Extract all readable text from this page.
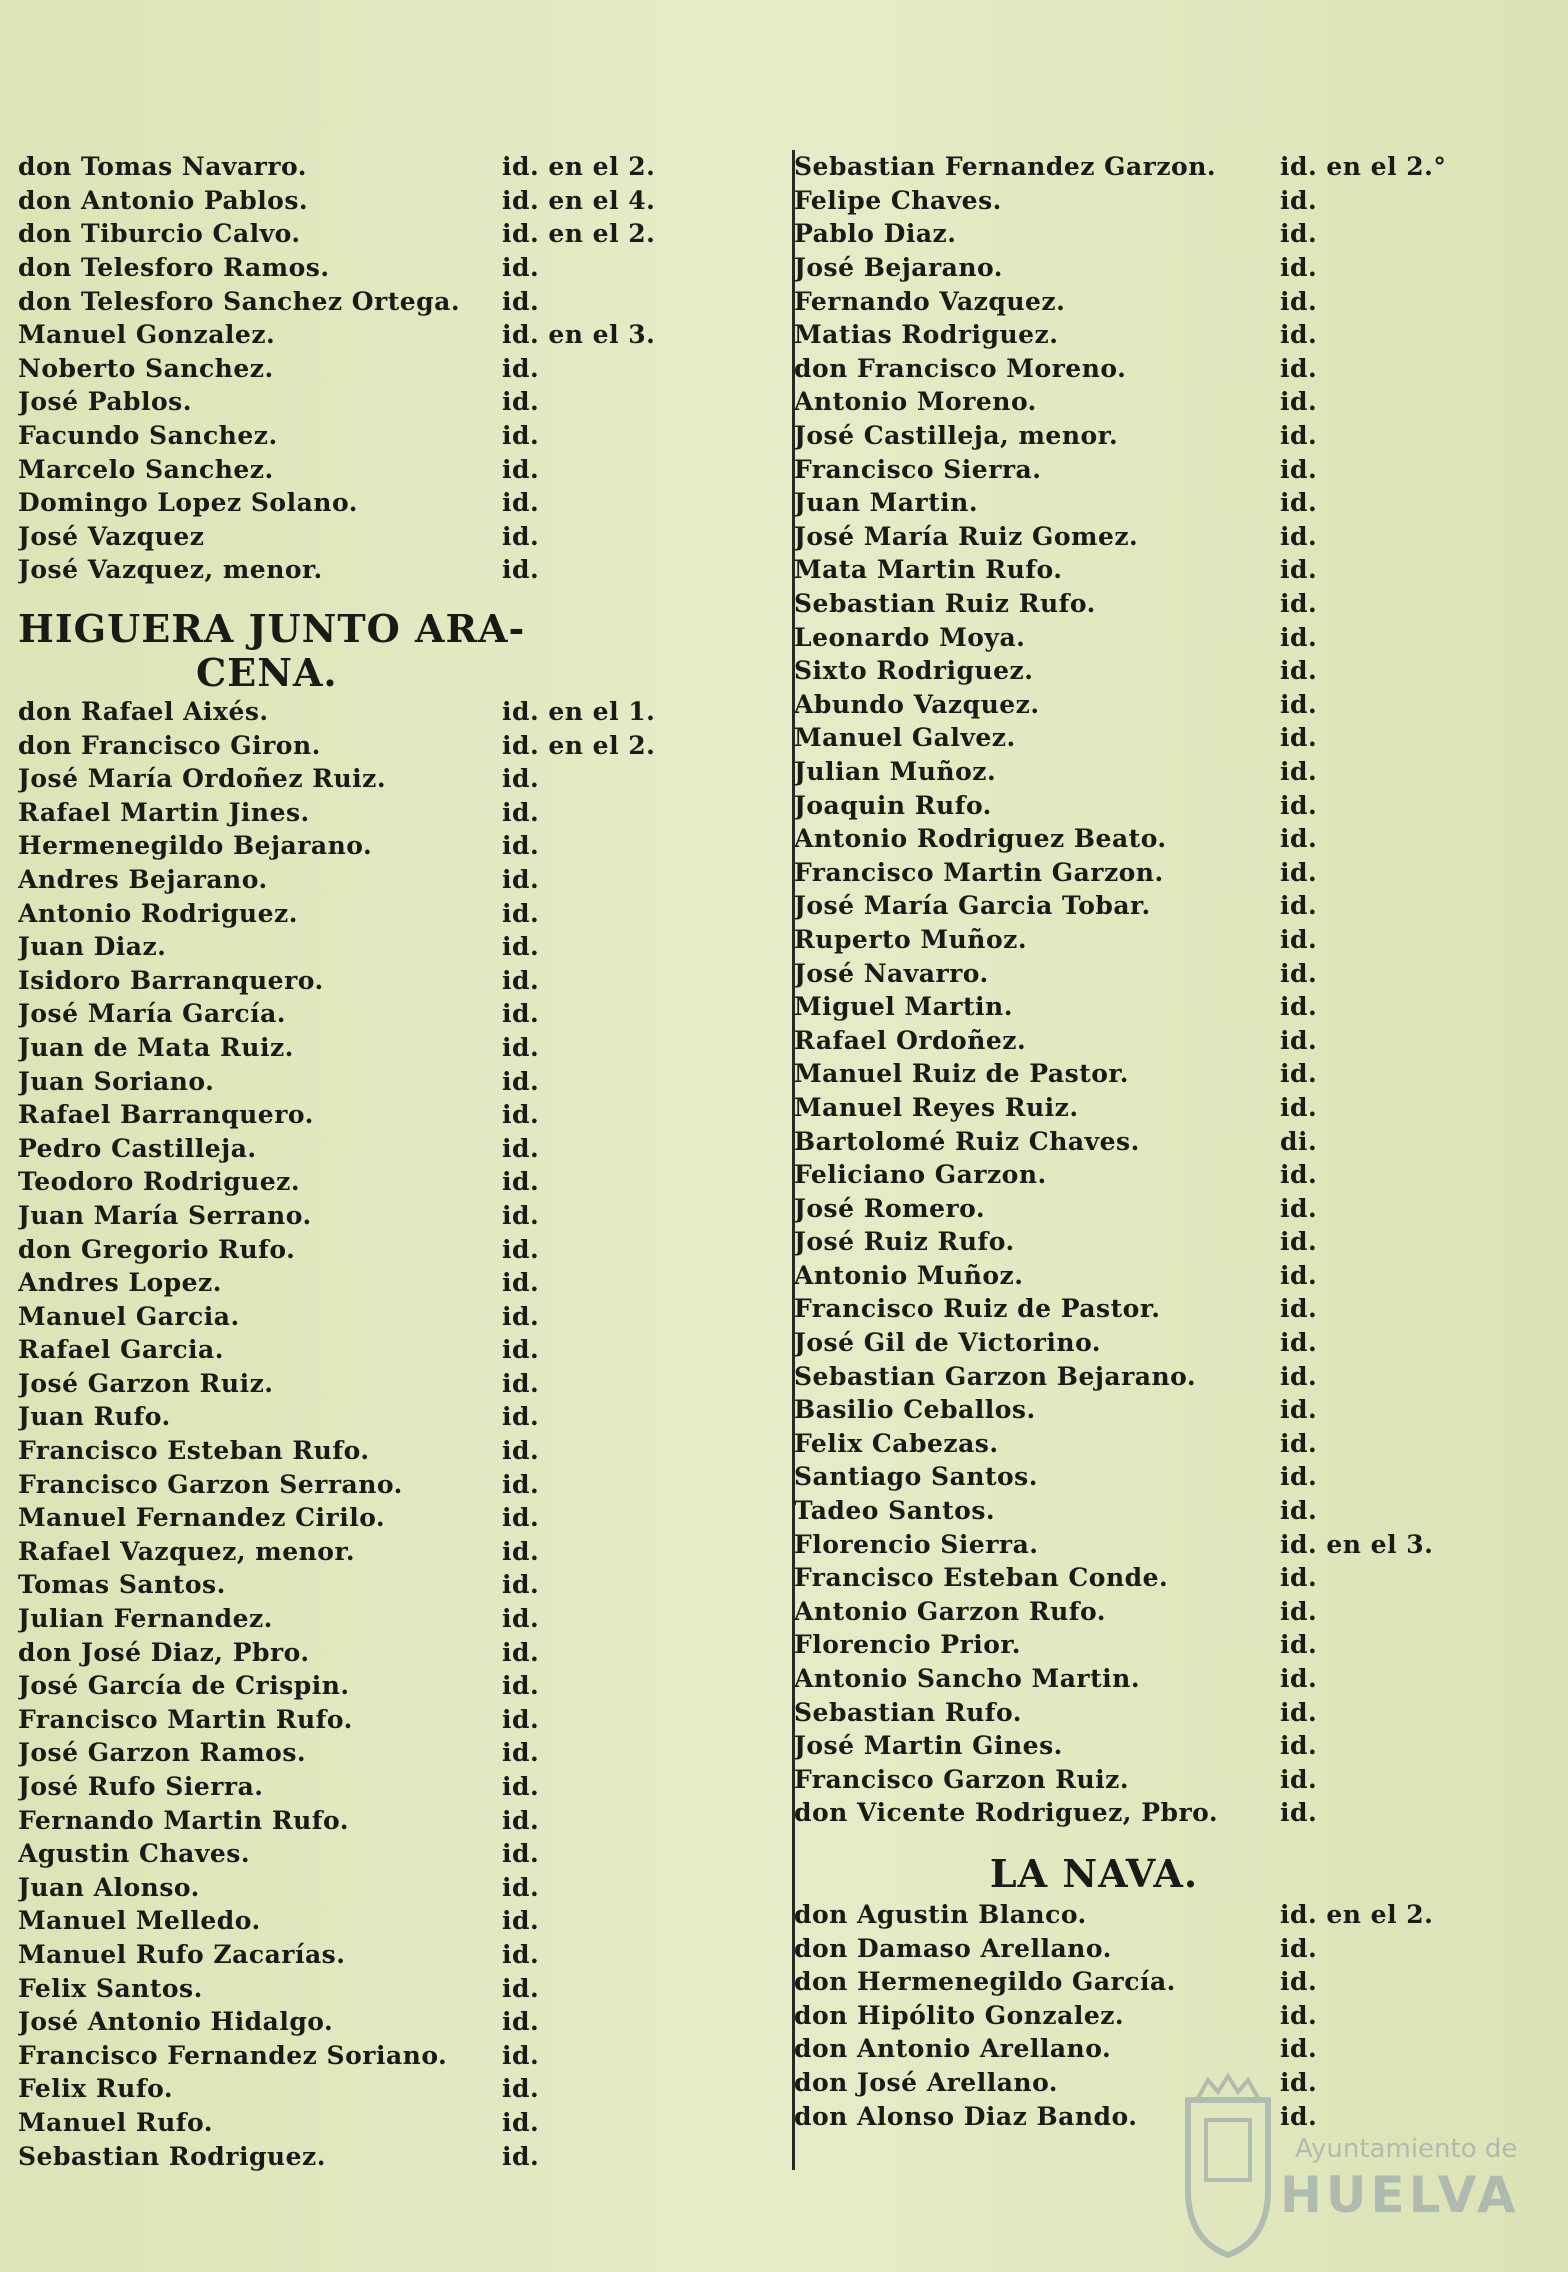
don Tomas Navarro.	id. en el 2.
don Antonio Pablos.	id. en el 4.
don Tiburcio Calvo.	id. en el 2.
don Telesforo Ramos.	id.
don Telesforo Sanchez Ortega.	id.
Manuel Gonzalez.	id. en el 3.
Noberto Sanchez.	id.
José Pablos.	id.
Facundo Sanchez.	id.
Marcelo Sanchez.	id.
Domingo Lopez Solano.	id.
José Vazquez	id.
José Vazquez, menor.	id.
HIGUERA JUNTO ARA-
CENA.
don Rafael Aixés.	id. en el 1.
don Francisco Giron.	id. en el 2.
José María Ordoñez Ruiz.	id.
Rafael Martin Jines.	id.
Hermenegildo Bejarano.	id.
Andres Bejarano.	id.
Antonio Rodriguez.	id.
Juan Diaz.	id.
Isidoro Barranquero.	id.
José María García.	id.
Juan de Mata Ruiz.	id.
Juan Soriano.	id.
Rafael Barranquero.	id.
Pedro Castilleja.	id.
Teodoro Rodriguez.	id.
Juan María Serrano.	id.
don Gregorio Rufo.	id.
Andres Lopez.	id.
Manuel Garcia.	id.
Rafael Garcia.	id.
José Garzon Ruiz.	id.
Juan Rufo.	id.
Francisco Esteban Rufo.	id.
Francisco Garzon Serrano.	id.
Manuel Fernandez Cirilo.	id.
Rafael Vazquez, menor.	id.
Tomas Santos.	id.
Julian Fernandez.	id.
don José Diaz, Pbro.	id.
José García de Crispin.	id.
Francisco Martin Rufo.	id.
José Garzon Ramos.	id.
José Rufo Sierra.	id.
Fernando Martin Rufo.	id.
Agustin Chaves.	id.
Juan Alonso.	id.
Manuel Melledo.	id.
Manuel Rufo Zacarías.	id.
Felix Santos.	id.
José Antonio Hidalgo.	id.
Francisco Fernandez Soriano.	id.
Felix Rufo.	id.
Manuel Rufo.	id.
Sebastian Rodriguez.	id.
Sebastian Fernandez Garzon.	id. en el 2.°
Felipe Chaves.	id.
Pablo Diaz.	id.
José Bejarano.	id.
Fernando Vazquez.	id.
Matias Rodriguez.	id.
don Francisco Moreno.	id.
Antonio Moreno.	id.
José Castilleja, menor.	id.
Francisco Sierra.	id.
Juan Martin.	id.
José María Ruiz Gomez.	id.
Mata Martin Rufo.	id.
Sebastian Ruiz Rufo.	id.
Leonardo Moya.	id.
Sixto Rodriguez.	id.
Abundo Vazquez.	id.
Manuel Galvez.	id.
Julian Muñoz.	id.
Joaquin Rufo.	id.
Antonio Rodriguez Beato.	id.
Francisco Martin Garzon.	id.
José María Garcia Tobar.	id.
Ruperto Muñoz.	id.
José Navarro.	id.
Miguel Martin.	id.
Rafael Ordoñez.	id.
Manuel Ruiz de Pastor.	id.
Manuel Reyes Ruiz.	id.
Bartolomé Ruiz Chaves.	di.
Feliciano Garzon.	id.
José Romero.	id.
José Ruiz Rufo.	id.
Antonio Muñoz.	id.
Francisco Ruiz de Pastor.	id.
José Gil de Victorino.	id.
Sebastian Garzon Bejarano.	id.
Basilio Ceballos.	id.
Felix Cabezas.	id.
Santiago Santos.	id.
Tadeo Santos.	id.
Florencio Sierra.	id. en el 3.
Francisco Esteban Conde.	id.
Antonio Garzon Rufo.	id.
Florencio Prior.	id.
Antonio Sancho Martin.	id.
Sebastian Rufo.	id.
José Martin Gines.	id.
Francisco Garzon Ruiz.	id.
don Vicente Rodriguez, Pbro.	id.
LA NAVA.
don Agustin Blanco.	id. en el 2.
don Damaso Arellano.	id.
don Hermenegildo García.	id.
don Hipólito Gonzalez.	id.
don Antonio Arellano.	id.
don José Arellano.	id.
don Alonso Diaz Bando.	id.
Ayuntamiento de
HUELVA
